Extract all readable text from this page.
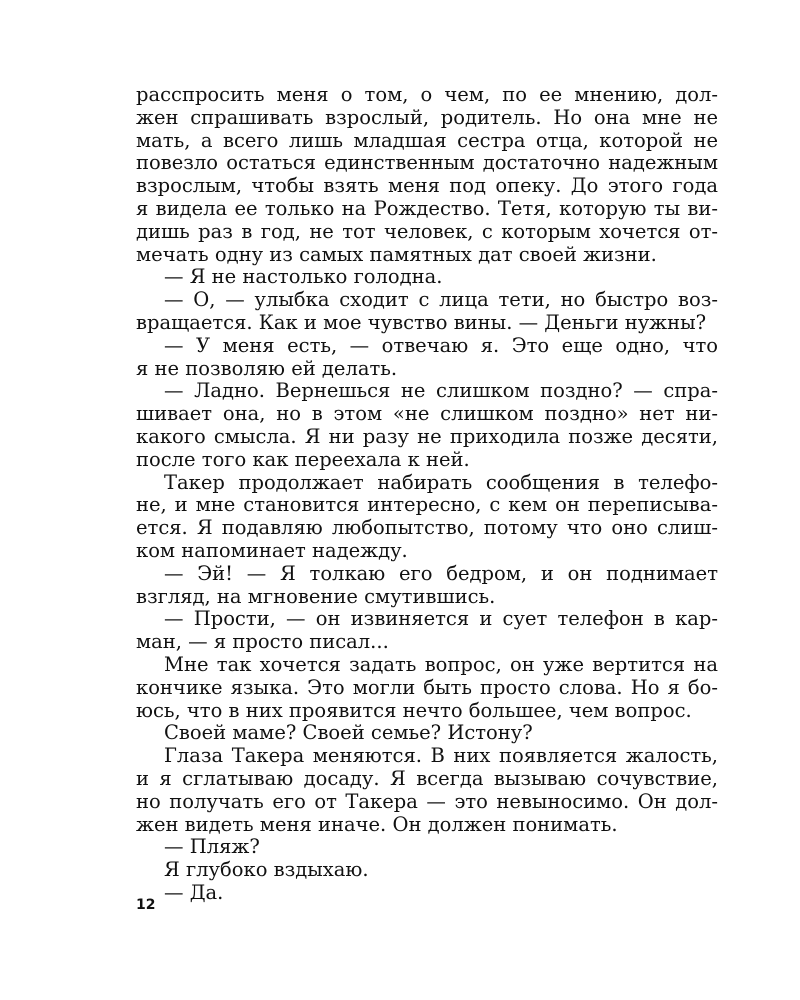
расспросить меня о том, о чем, по ее мнению, дол-
жен спрашивать взрослый, родитель. Но она мне не
мать, а всего лишь младшая сестра отца, которой не
повезло остаться единственным достаточно надежным
взрослым, чтобы взять меня под опеку. До этого года
я видела ее только на Рождество. Тетя, которую ты ви-
дишь раз в год, не тот человек, с которым хочется от-
мечать одну из самых памятных дат своей жизни.
— Я не настолько голодна.
— О, — улыбка сходит с лица тети, но быстро воз-
вращается. Как и мое чувство вины. — Деньги нужны?
— У меня есть, — отвечаю я. Это еще одно, что
я не позволяю ей делать.
— Ладно. Вернешься не слишком поздно? — спра-
шивает она, но в этом «не слишком поздно» нет ни-
какого смысла. Я ни разу не приходила позже десяти,
после того как переехала к ней.
Такер продолжает набирать сообщения в телефо-
не, и мне становится интересно, с кем он переписыва-
ется. Я подавляю любопытство, потому что оно слиш-
ком напоминает надежду.
— Эй! — Я толкаю его бедром, и он поднимает
взгляд, на мгновение смутившись.
— Прости, — он извиняется и сует телефон в кар-
ман, — я просто писал...
Мне так хочется задать вопрос, он уже вертится на
кончике языка. Это могли быть просто слова. Но я бо-
юсь, что в них проявится нечто большее, чем вопрос.
Своей маме? Своей семье? Истону?
Глаза Такера меняются. В них появляется жалость,
и я сглатываю досаду. Я всегда вызываю сочувствие,
но получать его от Такера — это невыносимо. Он дол-
жен видеть меня иначе. Он должен понимать.
— Пляж?
Я глубоко вздыхаю.
— Да.
12
